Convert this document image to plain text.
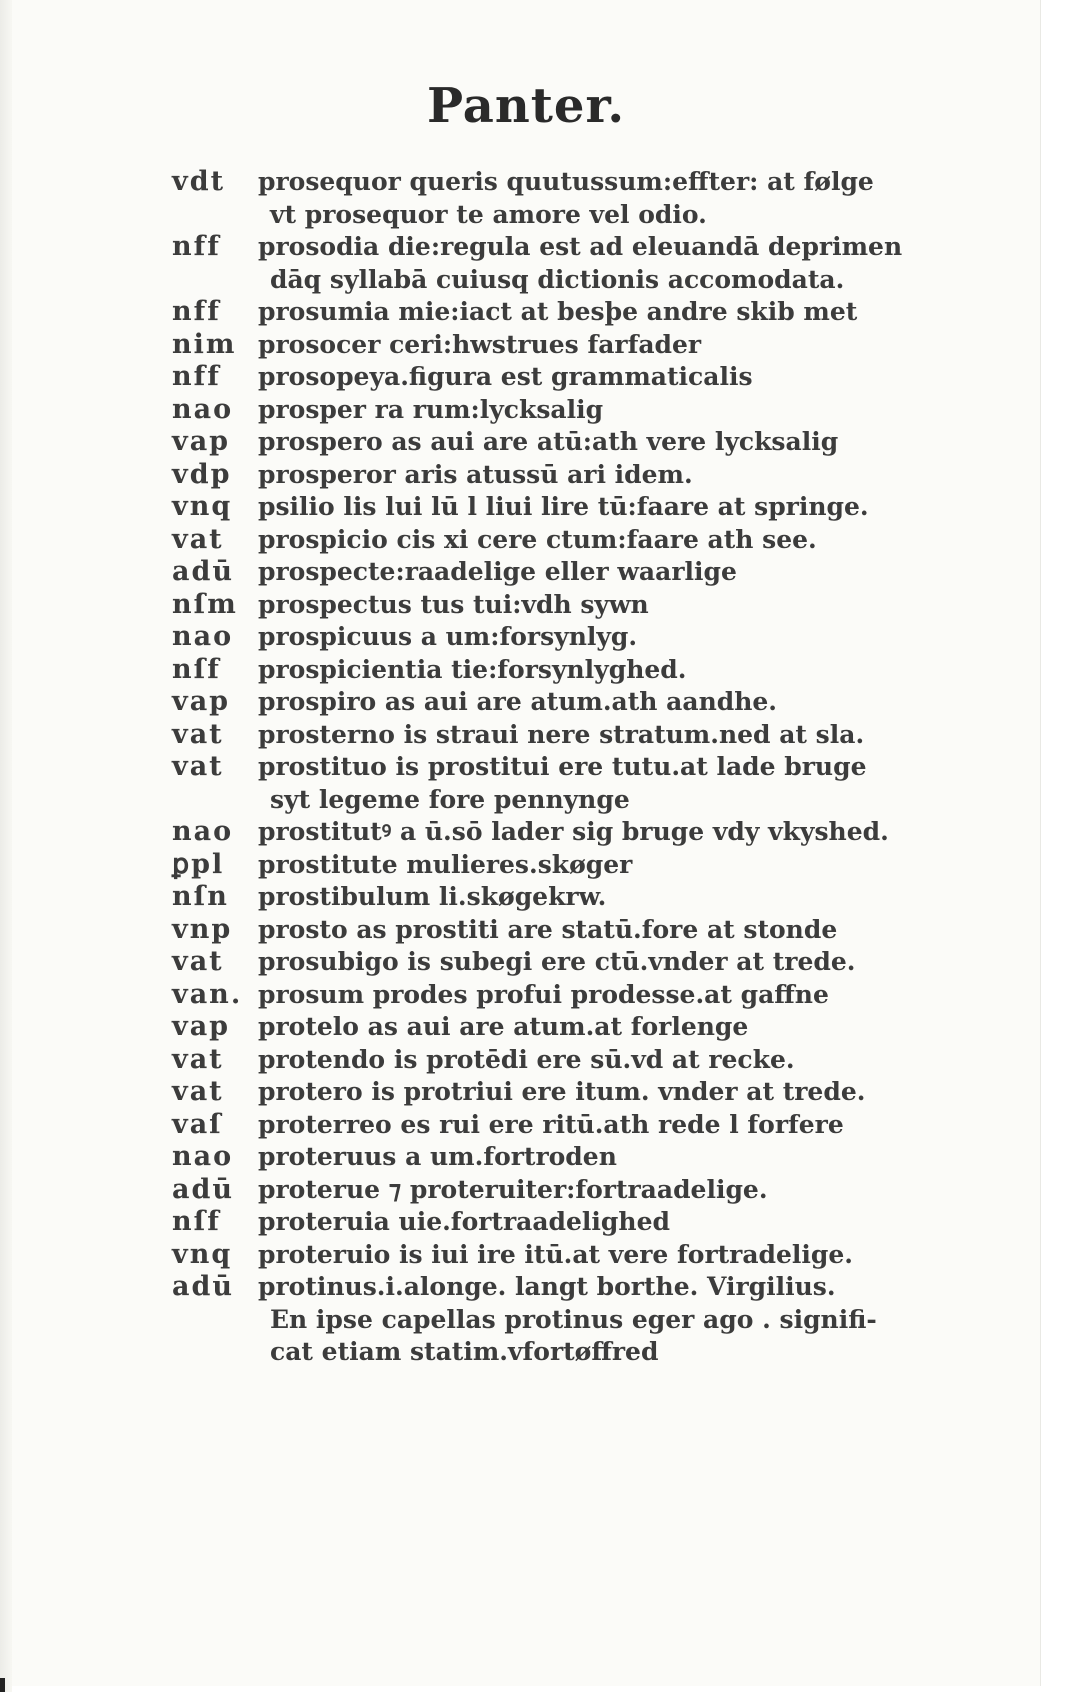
Panter.
vdt	prosequor queris quutussum:effter: at følge
vt prosequor te amore vel odio.
nff	prosodia die:regula est ad eleuandā deprimen
dāq syllabā cuiusq dictionis accomodata.
nff	prosumia mie:iact at besþe andre skib met
nim prosocer ceri:hwstrues farfader
nff	prosopeya.figura est grammaticalis
nao prosper ra rum:lycksalig
vap	prospero as aui are atū:ath vere lycksalig
vdp	prosperor aris atussū ari idem.
vnq	psilio lis lui lū l liui lire tū:faare at springe.
vat	prospicio cis xi cere ctum:faare ath see.
adū prospecte:raadelige eller waarlige
nſm prospectus tus tui:vdh sywn
nao prospicuus a um:forsynlyg.
nſf	prospicientia tie:forsynlyghed.
vap	prospiro as aui are atum.ath aandhe.
vat	prosterno is straui nere stratum.ned at sla.
vat	prostituo is prostitui ere tutu.at lade bruge
syt legeme fore pennynge
nao prostitutꝰ a ū.sō lader sig bruge vdy vkyshed.
ꝑpl	prostitute mulieres.skøger
nſn	prostibulum li.skøgekrw.
vnp	prosto as prostiti are statū.fore at stonde
vat	prosubigo is subegi ere ctū.vnder at trede.
van. prosum prodes profui prodesse.at gaffne
vap	protelo as aui are atum.at forlenge
vat	protendo is protēdi ere sū.vd at recke.
vat	protero is protriui ere itum. vnder at trede.
vaſ	proterreo es rui ere ritū.ath rede l forfere
nao proteruus a um.fortroden
adū proterue ⁊ proteruiter:fortraadelige.
nſf	proteruia uie.fortraadelighed
vnq	proteruio is iui ire itū.at vere fortradelige.
adū protinus.i.alonge. langt borthe. Virgilius.
En ipse capellas protinus eger ago . signifi-
cat etiam statim.vfortøffred
